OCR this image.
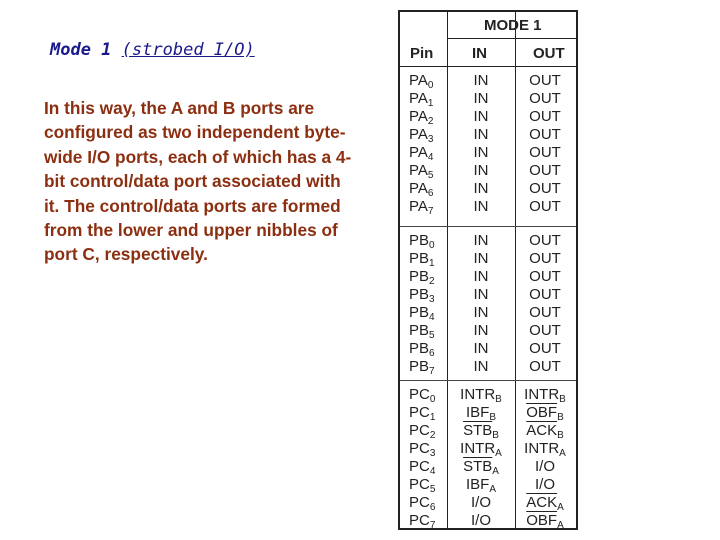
Mode 1 (strobed I/O)
In this way, the A and B ports are configured as two independent byte-wide I/O ports, each of which has a 4-bit control/data port associated with it. The control/data ports are formed from the lower and upper nibbles of port C, respectively.
MODE 1
Pin	IN	OUT
$PA_0$	IN	OUT
$PA_1$	IN	OUT
$PA_2$	IN	OUT
$PA_3$	IN	OUT
$PA_4$	IN	OUT
$PA_5$	IN	OUT
$PA_6$	IN	OUT
$PA_7$	IN	OUT
$PB_0$	IN	OUT
$PB_1$	IN	OUT
$PB_2$	IN	OUT
$PB_3$	IN	OUT
$PB_4$	IN	OUT
$PB_5$	IN	OUT
$PB_6$	IN	OUT
$PB_7$	IN	OUT
$PC_0$ $INTR_B$ $INTR_B$
$PC_1$ $IBF_B$ $\overline{OBF}_B$
$PC_2$ $\overline{STB}_B$ $\overline{ACK}_B$
$PC_3$ $INTR_A$ $INTR_A$
$PC_4$ $\overline{STB}_A$ I/O
$PC_5$ $IBF_A$	I/O
$PC_6$ I/O $\overline{ACK}_A$
$PC_7$ I/O $\overline{OBF}_A$
